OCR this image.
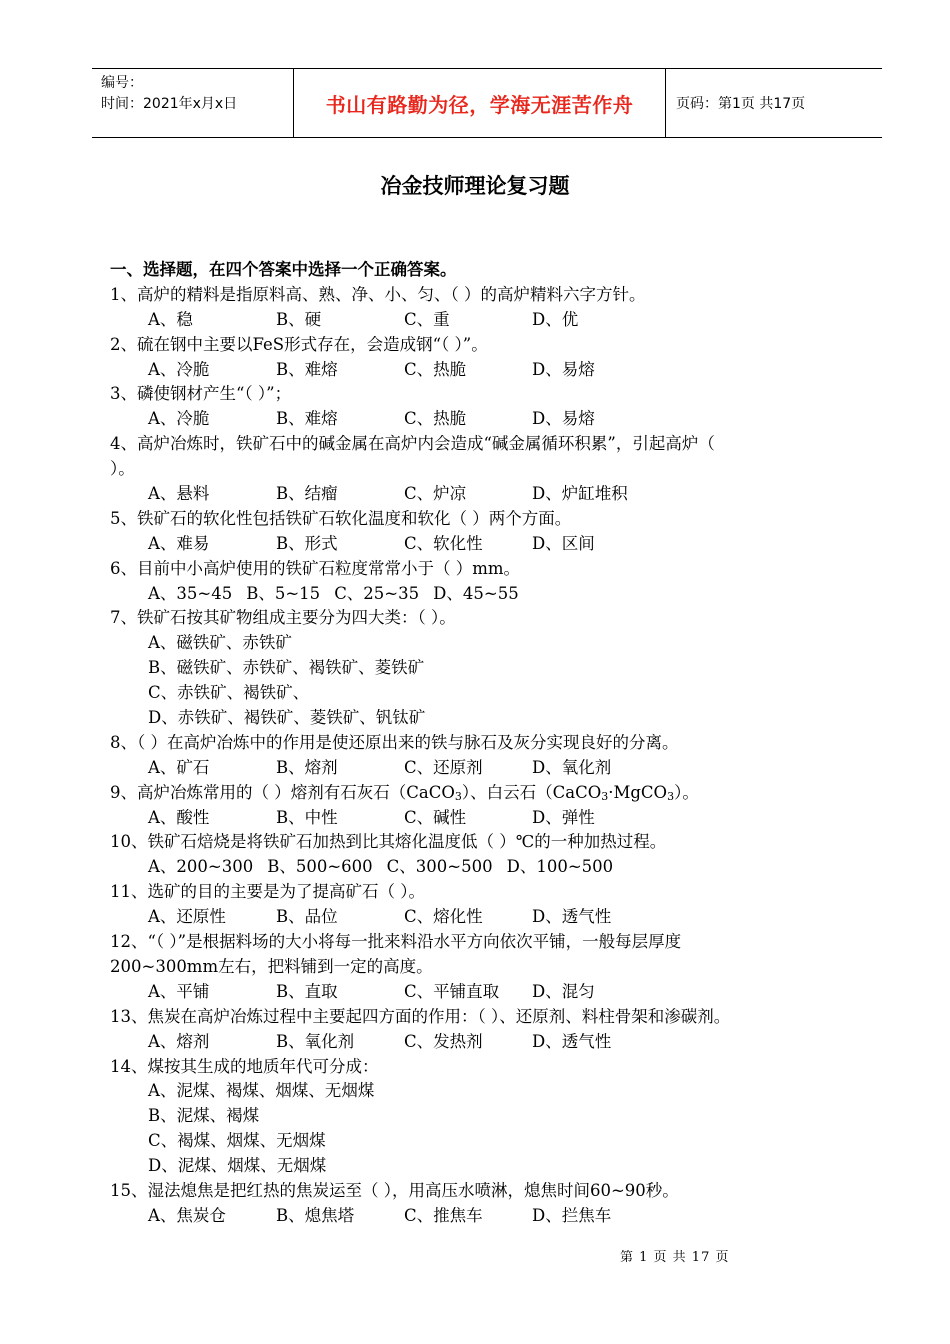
编号：
时间：2021年x月x日	书山有路勤为径，学海无涯苦作舟	页码：第1页 共17页
冶金技师理论复习题
一、选择题，在四个答案中选择一个正确答案。
1、高炉的精料是指原料高、熟、净、小、匀、（ ）的高炉精料六字方针。
A、稳	B、硬	C、重	D、优
2、硫在钢中主要以FeS形式存在，会造成钢“（ ）”。
A、冷脆	B、难熔	C、热脆	D、易熔
3、磷使钢材产生“（ ）”；
A、冷脆	B、难熔	C、热脆	D、易熔
4、高炉冶炼时，铁矿石中的碱金属在高炉内会造成“碱金属循环积累”，引起高炉（
）。
A、悬料	B、结瘤	C、炉凉	D、炉缸堆积
5、铁矿石的软化性包括铁矿石软化温度和软化（ ）两个方面。
A、难易	B、形式	C、软化性	D、区间
6、目前中小高炉使用的铁矿石粒度常常小于（ ）mm。
A、35~45 B、5~15 C、25~35 D、45~55
7、铁矿石按其矿物组成主要分为四大类：（ ）。
A、磁铁矿、赤铁矿
B、磁铁矿、赤铁矿、褐铁矿、菱铁矿
C、赤铁矿、褐铁矿、
D、赤铁矿、褐铁矿、菱铁矿、钒钛矿
8、（ ）在高炉冶炼中的作用是使还原出来的铁与脉石及灰分实现良好的分离。
A、矿石	B、熔剂	C、还原剂	D、氧化剂
9、高炉冶炼常用的（ ）熔剂有石灰石（CaCO$_3$）、白云石（CaCO$_3$·MgCO$_3$）。
A、酸性	B、中性	C、碱性	D、弹性
10、铁矿石焙烧是将铁矿石加热到比其熔化温度低（ ）℃的一种加热过程。
A、200~300 B、500~600 C、300~500 D、100~500
11、选矿的目的主要是为了提高矿石（ ）。
A、还原性	B、品位	C、熔化性	D、透气性
12、“（ ）”是根据料场的大小将每一批来料沿水平方向依次平铺，一般每层厚度
200~300mm左右，把料铺到一定的高度。
A、平铺	B、直取	C、平铺直取 D、混匀
13、焦炭在高炉冶炼过程中主要起四方面的作用：（ ）、还原剂、料柱骨架和渗碳剂。
A、熔剂	B、氧化剂	C、发热剂	D、透气性
14、煤按其生成的地质年代可分成：
A、泥煤、褐煤、烟煤、无烟煤
B、泥煤、褐煤
C、褐煤、烟煤、无烟煤
D、泥煤、烟煤、无烟煤
15、湿法熄焦是把红热的焦炭运至（ ），用高压水喷淋，熄焦时间60~90秒。
A、焦炭仓	B、熄焦塔	C、推焦车	D、拦焦车
第 1 页 共 17 页
